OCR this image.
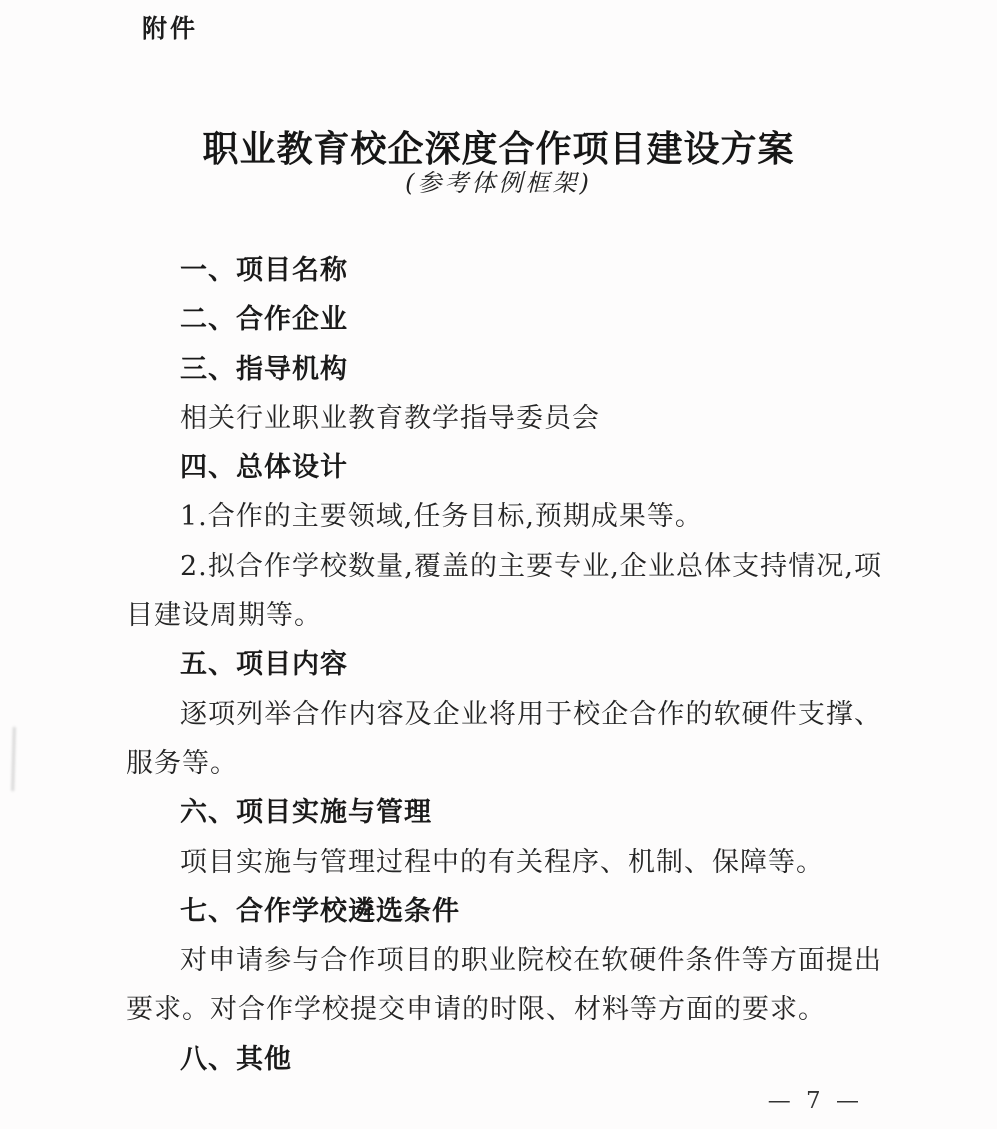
附件
职业教育校企深度合作项目建设方案
(参考体例框架)

一、项目名称

二、合作企业

三、指导机构

相关行业职业教育教学指导委员会

四、总体设计

1.合作的主要领域,任务目标,预期成果等。

2.拟合作学校数量,覆盖的主要专业,企业总体支持情况,项目建设周期等。

五、项目内容

逐项列举合作内容及企业将用于校企合作的软硬件支撑、服务等。

六、项目实施与管理

项目实施与管理过程中的有关程序、机制、保障等。

七、合作学校遴选条件

对申请参与合作项目的职业院校在软硬件条件等方面提出要求。对合作学校提交申请的时限、材料等方面的要求。

八、其他

— 7 —
